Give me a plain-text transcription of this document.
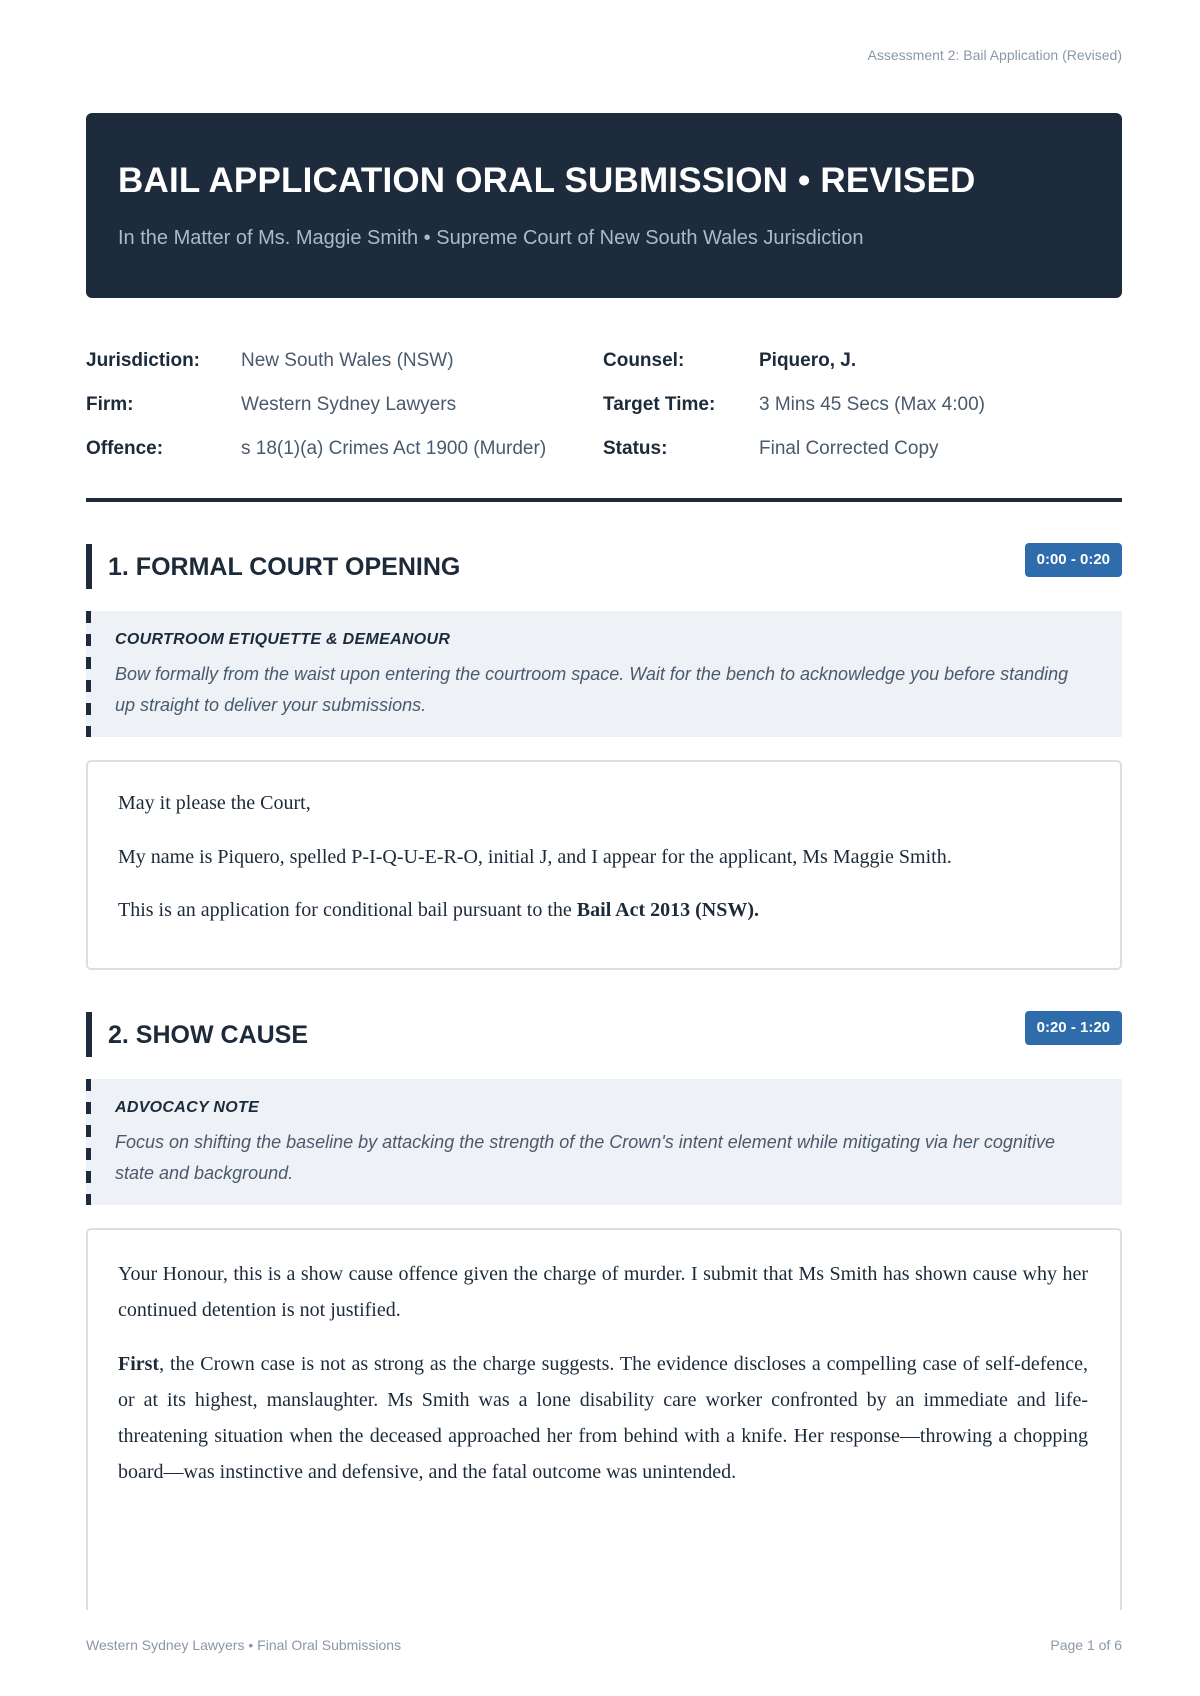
Assessment 2: Bail Application (Revised)
BAIL APPLICATION ORAL SUBMISSION • REVISED
In the Matter of Ms. Maggie Smith • Supreme Court of New South Wales Jurisdiction
Jurisdiction: New South Wales (NSW)	Counsel:	Piquero, J.
Firm:	Western Sydney Lawyers	Target Time: 3 Mins 45 Secs (Max 4:00)
Offence:	s 18(1)(a) Crimes Act 1900 (Murder)	Status:	Final Corrected Copy
1. FORMAL COURT OPENING	0:00 - 0:20
COURTROOM ETIQUETTE & DEMEANOUR
Bow formally from the waist upon entering the courtroom space. Wait for the bench to acknowledge you before standing up straight to deliver your submissions.

May it please the Court,

My name is Piquero, spelled P-I-Q-U-E-R-O, initial J, and I appear for the applicant, Ms Maggie Smith.

This is an application for conditional bail pursuant to the Bail Act 2013 (NSW).

2. SHOW CAUSE	0:20 - 1:20
ADVOCACY NOTE
Focus on shifting the baseline by attacking the strength of the Crown's intent element while mitigating via her cognitive state and background.

Your Honour, this is a show cause offence given the charge of murder. I submit that Ms Smith has shown cause why her continued detention is not justified.

First, the Crown case is not as strong as the charge suggests. The evidence discloses a compelling case of self-defence, or at its highest, manslaughter. Ms Smith was a lone disability care worker confronted by an immediate and life-threatening situation when the deceased approached her from behind with a knife. Her response—throwing a chopping board—was instinctive and defensive, and the fatal outcome was unintended.

Western Sydney Lawyers • Final Oral Submissions	Page 1 of 6
